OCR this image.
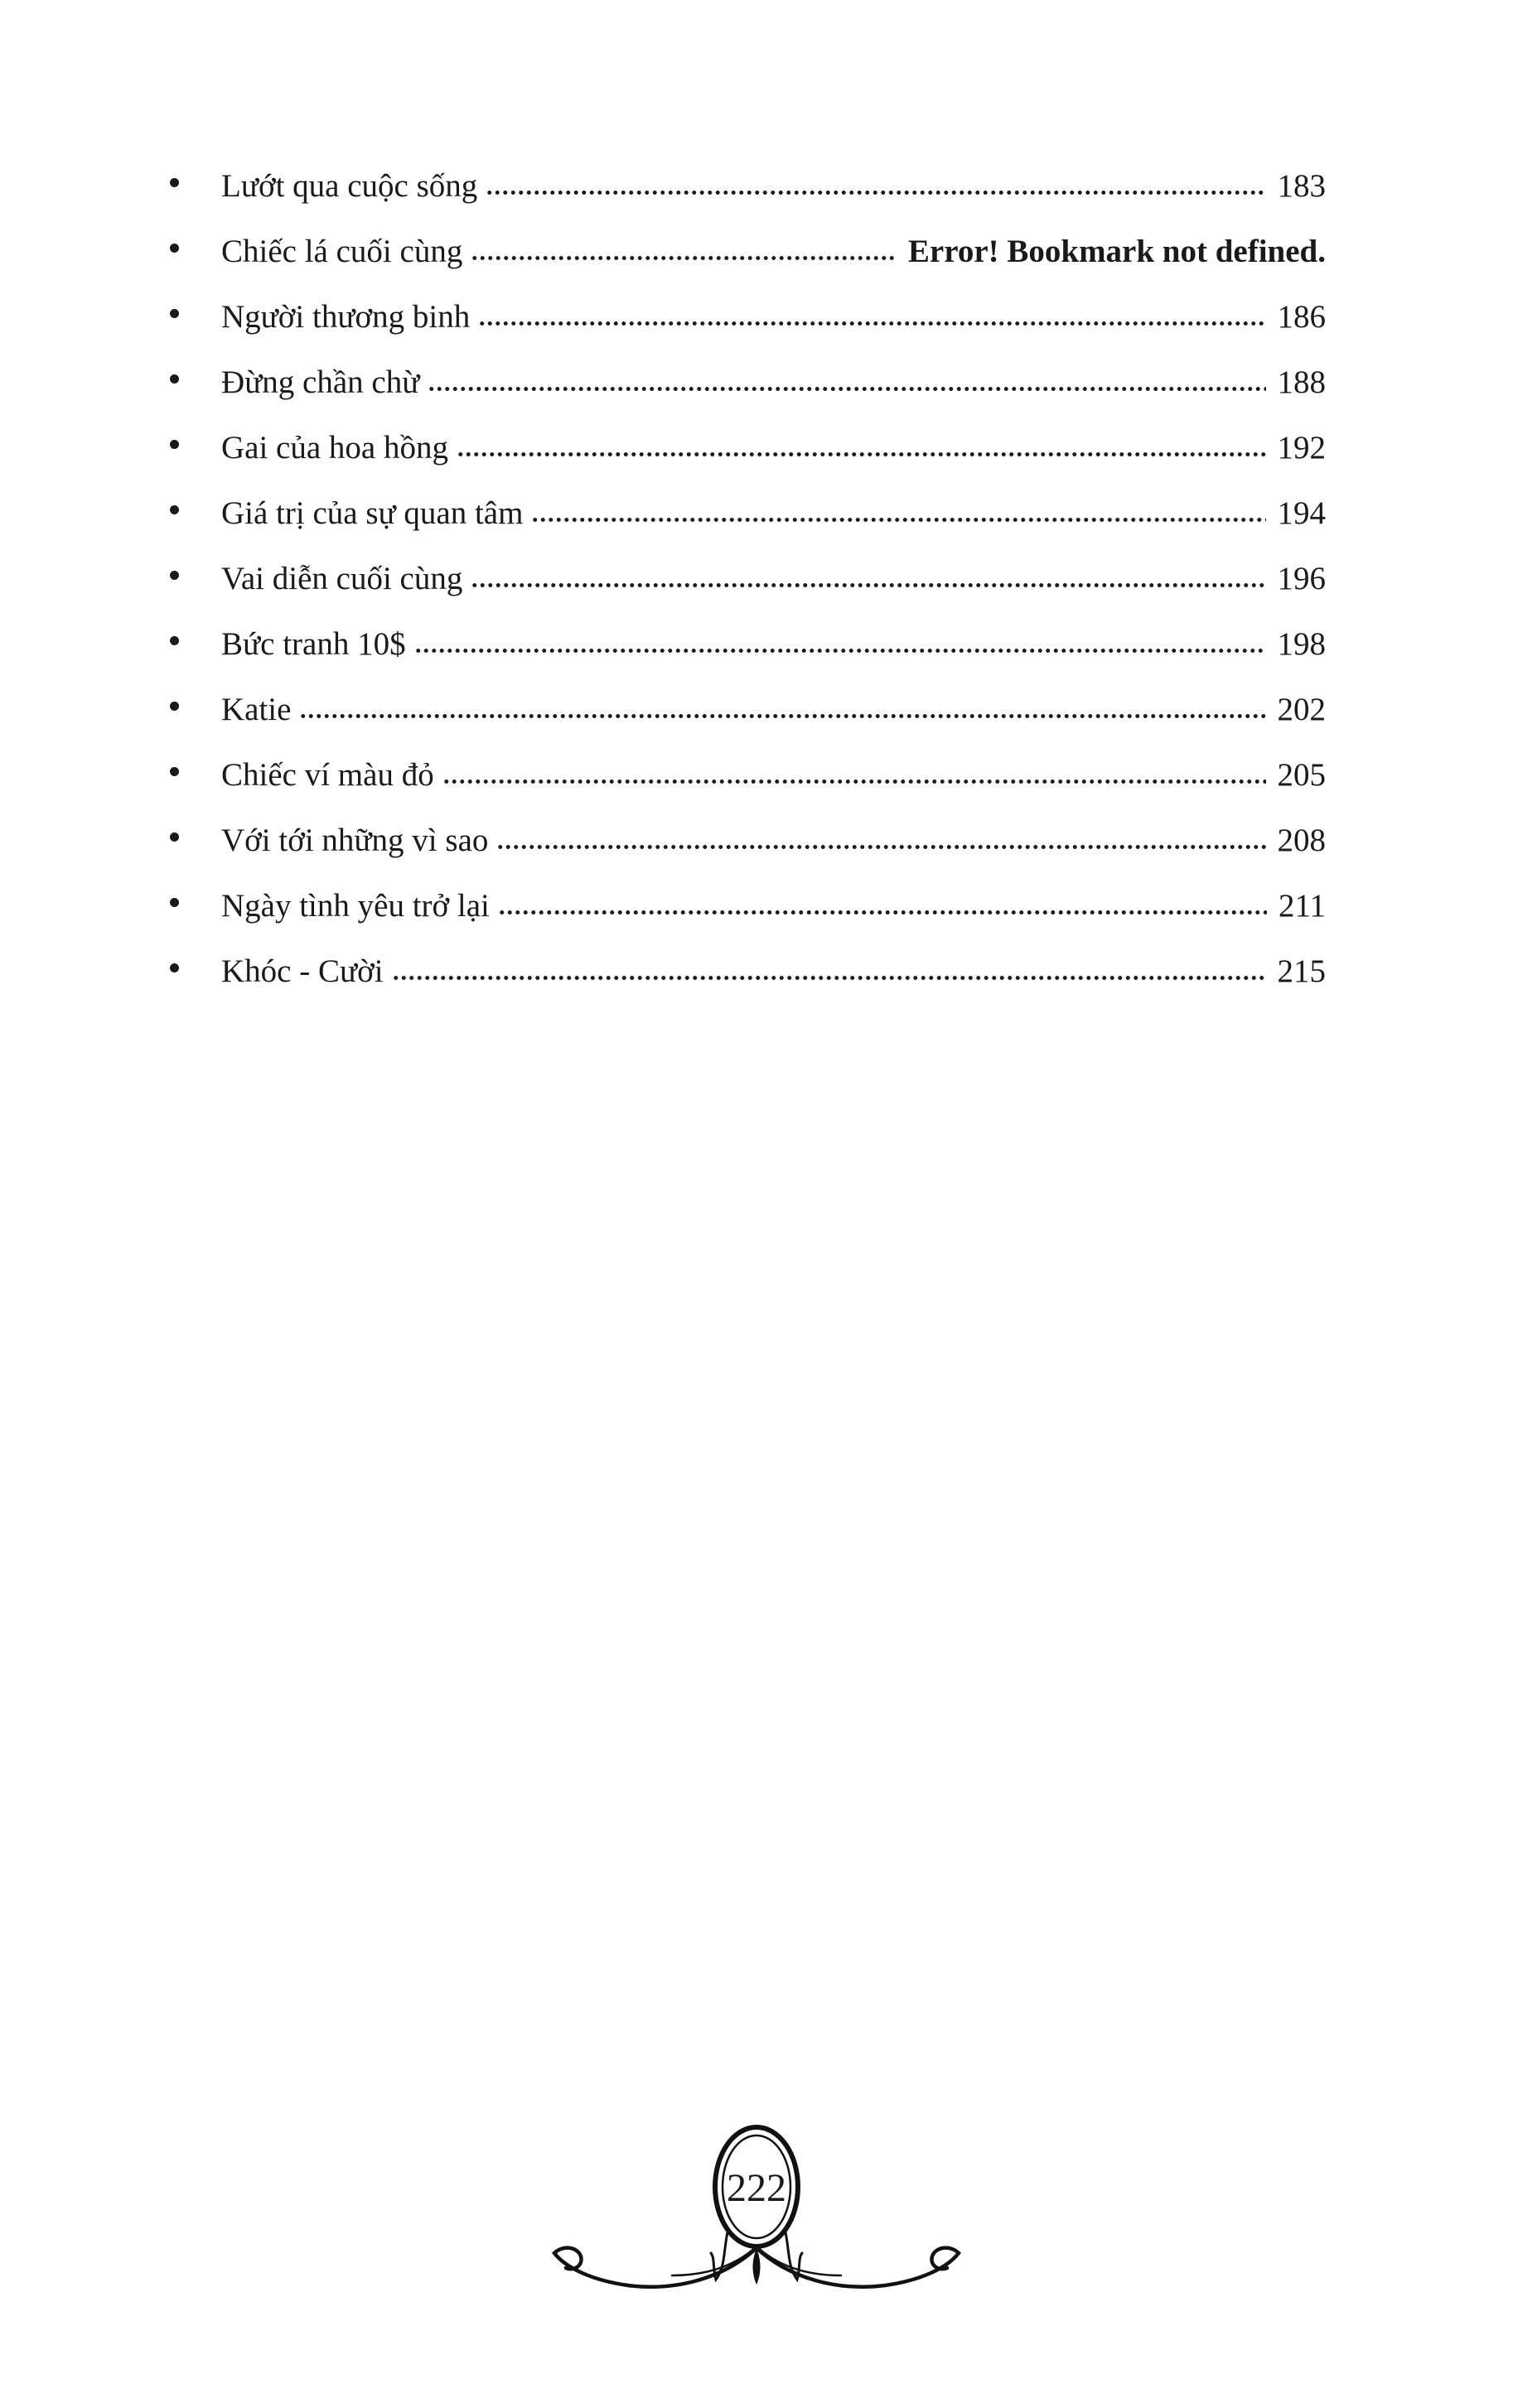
Lướt qua cuộc sống	183
Chiếc lá cuối cùng	Error! Bookmark not defined.
Người thương binh	186
Đừng chần chừ	188
Gai của hoa hồng	192
Giá trị của sự quan tâm	194
Vai diễn cuối cùng	196
Bức tranh 10$	198
Katie	202
Chiếc ví màu đỏ	205
Với tới những vì sao	208
Ngày tình yêu trở lại	211
Khóc - Cười	215
222
